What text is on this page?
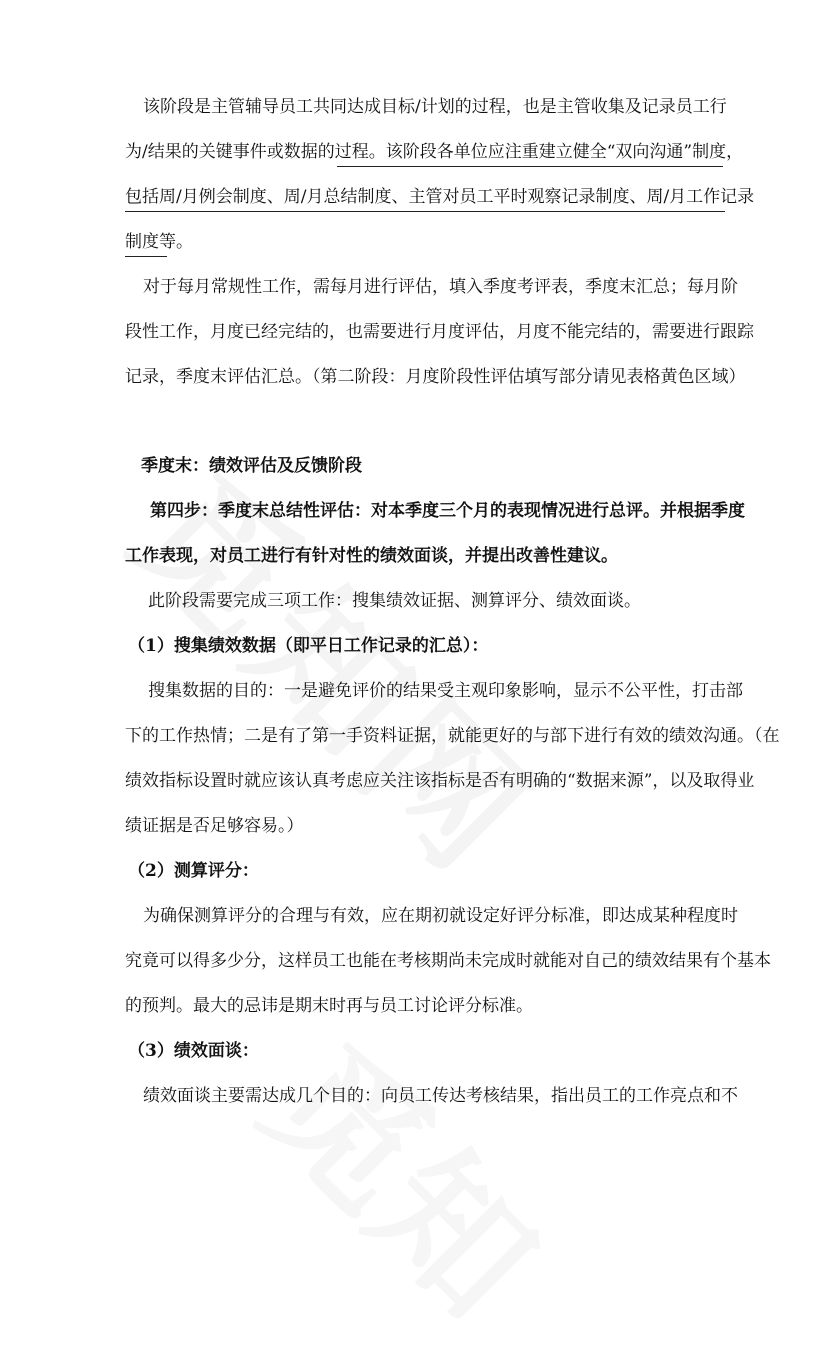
该阶段是主管辅导员工共同达成目标/计划的过程，也是主管收集及记录员工行
为/结果的关键事件或数据的过程。该阶段各单位应注重建立健全“双向沟通”制度，
包括周/月例会制度、周/月总结制度、主管对员工平时观察记录制度、周/月工作记录
制度等。
对于每月常规性工作，需每月进行评估，填入季度考评表，季度末汇总；每月阶
段性工作，月度已经完结的，也需要进行月度评估，月度不能完结的，需要进行跟踪
记录，季度末评估汇总。（第二阶段：月度阶段性评估填写部分请见表格黄色区域）
季度末：绩效评估及反馈阶段
第四步：季度末总结性评估：对本季度三个月的表现情况进行总评。并根据季度
工作表现，对员工进行有针对性的绩效面谈，并提出改善性建议。
此阶段需要完成三项工作：搜集绩效证据、测算评分、绩效面谈。
（1）搜集绩效数据（即平日工作记录的汇总）：
搜集数据的目的：一是避免评价的结果受主观印象影响，显示不公平性，打击部
下的工作热情；二是有了第一手资料证据，就能更好的与部下进行有效的绩效沟通。（在
绩效指标设置时就应该认真考虑应关注该指标是否有明确的“数据来源”，以及取得业
绩证据是否足够容易。）
（2）测算评分：
为确保测算评分的合理与有效，应在期初就设定好评分标准，即达成某种程度时
究竟可以得多少分，这样员工也能在考核期尚未完成时就能对自己的绩效结果有个基本
的预判。最大的忌讳是期末时再与员工讨论评分标准。
（3）绩效面谈：
绩效面谈主要需达成几个目的：向员工传达考核结果，指出员工的工作亮点和不
